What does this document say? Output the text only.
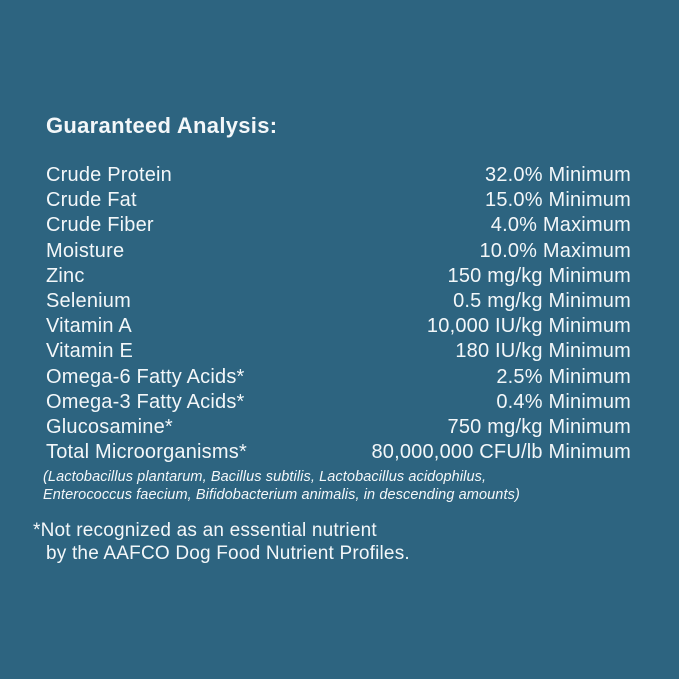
Guaranteed Analysis:
Crude Protein	32.0% Minimum
Crude Fat	15.0% Minimum
Crude Fiber	4.0% Maximum
Moisture	10.0% Maximum
Zinc	150 mg/kg Minimum
Selenium	0.5 mg/kg Minimum
Vitamin A	10,000 IU/kg Minimum
Vitamin E	180 IU/kg Minimum
Omega-6 Fatty Acids*	2.5% Minimum
Omega-3 Fatty Acids*	0.4% Minimum
Glucosamine*	750 mg/kg Minimum
Total Microorganisms*	80,000,000 CFU/lb Minimum
(Lactobacillus plantarum, Bacillus subtilis, Lactobacillus acidophilus,
Enterococcus faecium, Bifidobacterium animalis, in descending amounts)
*Not recognized as an essential nutrient
by the AAFCO Dog Food Nutrient Profiles.
